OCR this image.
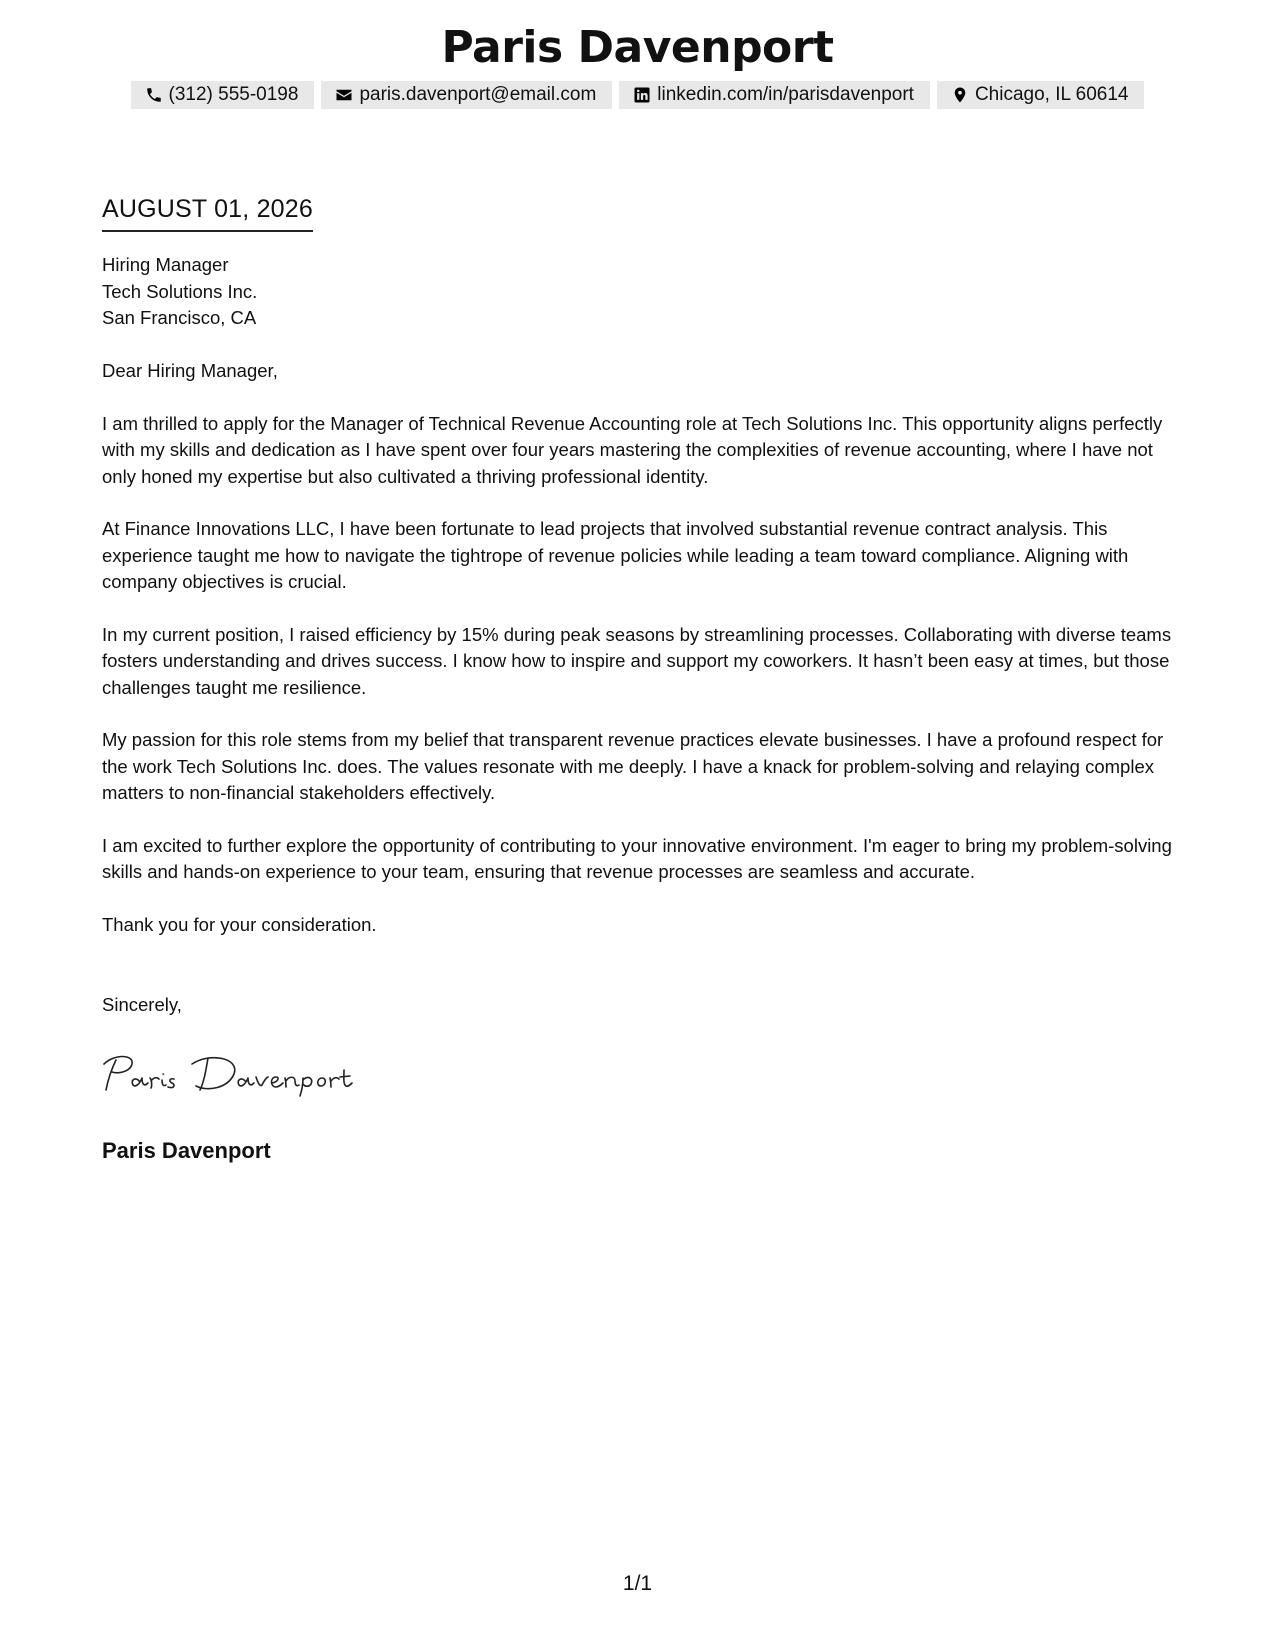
Paris Davenport
(312) 555-0198	paris.davenport@email.com	linkedin.com/in/parisdavenport	Chicago, IL 60614
AUGUST 01, 2026
Hiring Manager
Tech Solutions Inc.
San Francisco, CA

Dear Hiring Manager,

I am thrilled to apply for the Manager of Technical Revenue Accounting role at Tech Solutions Inc. This opportunity aligns perfectly with my skills and dedication as I have spent over four years mastering the complexities of revenue accounting, where I have not only honed my expertise but also cultivated a thriving professional identity.

At Finance Innovations LLC, I have been fortunate to lead projects that involved substantial revenue contract analysis. This experience taught me how to navigate the tightrope of revenue policies while leading a team toward compliance. Aligning with company objectives is crucial.

In my current position, I raised efficiency by 15% during peak seasons by streamlining processes. Collaborating with diverse teams fosters understanding and drives success. I know how to inspire and support my coworkers. It hasn’t been easy at times, but those challenges taught me resilience.

My passion for this role stems from my belief that transparent revenue practices elevate businesses. I have a profound respect for the work Tech Solutions Inc. does. The values resonate with me deeply. I have a knack for problem-solving and relaying complex matters to non-financial stakeholders effectively.

I am excited to further explore the opportunity of contributing to your innovative environment. I'm eager to bring my problem-solving skills and hands-on experience to your team, ensuring that revenue processes are seamless and accurate.

Thank you for your consideration.

Sincerely,
Paris Davenport
1/1
